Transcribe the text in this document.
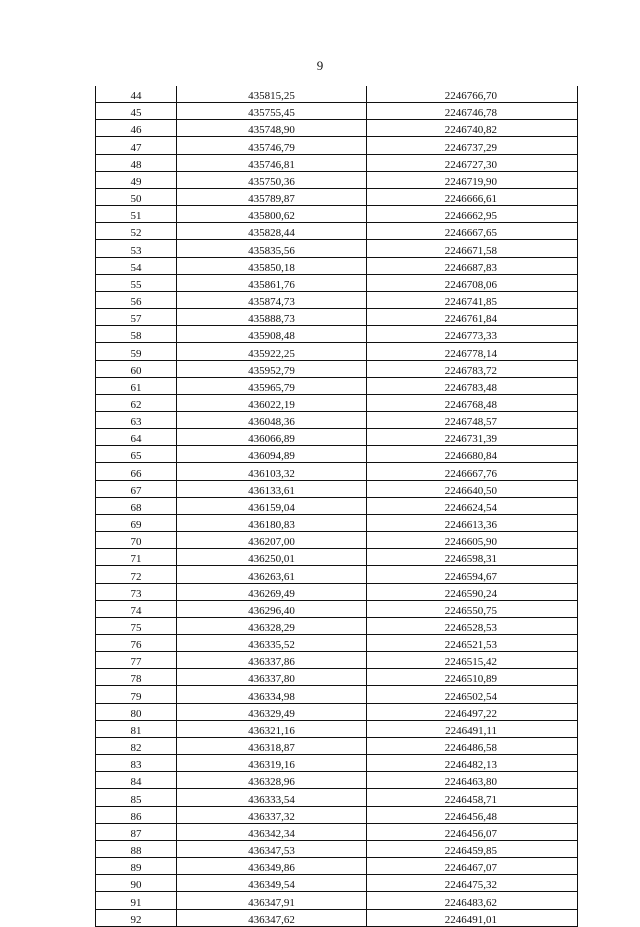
9
44	435815,25	2246766,70
45	435755,45	2246746,78
46	435748,90	2246740,82
47	435746,79	2246737,29
48	435746,81	2246727,30
49	435750,36	2246719,90
50	435789,87	2246666,61
51	435800,62	2246662,95
52	435828,44	2246667,65
53	435835,56	2246671,58
54	435850,18	2246687,83
55	435861,76	2246708,06
56	435874,73	2246741,85
57	435888,73	2246761,84
58	435908,48	2246773,33
59	435922,25	2246778,14
60	435952,79	2246783,72
61	435965,79	2246783,48
62	436022,19	2246768,48
63	436048,36	2246748,57
64	436066,89	2246731,39
65	436094,89	2246680,84
66	436103,32	2246667,76
67	436133,61	2246640,50
68	436159,04	2246624,54
69	436180,83	2246613,36
70	436207,00	2246605,90
71	436250,01	2246598,31
72	436263,61	2246594,67
73	436269,49	2246590,24
74	436296,40	2246550,75
75	436328,29	2246528,53
76	436335,52	2246521,53
77	436337,86	2246515,42
78	436337,80	2246510,89
79	436334,98	2246502,54
80	436329,49	2246497,22
81	436321,16	2246491,11
82	436318,87	2246486,58
83	436319,16	2246482,13
84	436328,96	2246463,80
85	436333,54	2246458,71
86	436337,32	2246456,48
87	436342,34	2246456,07
88	436347,53	2246459,85
89	436349,86	2246467,07
90	436349,54	2246475,32
91	436347,91	2246483,62
92	436347,62	2246491,01
